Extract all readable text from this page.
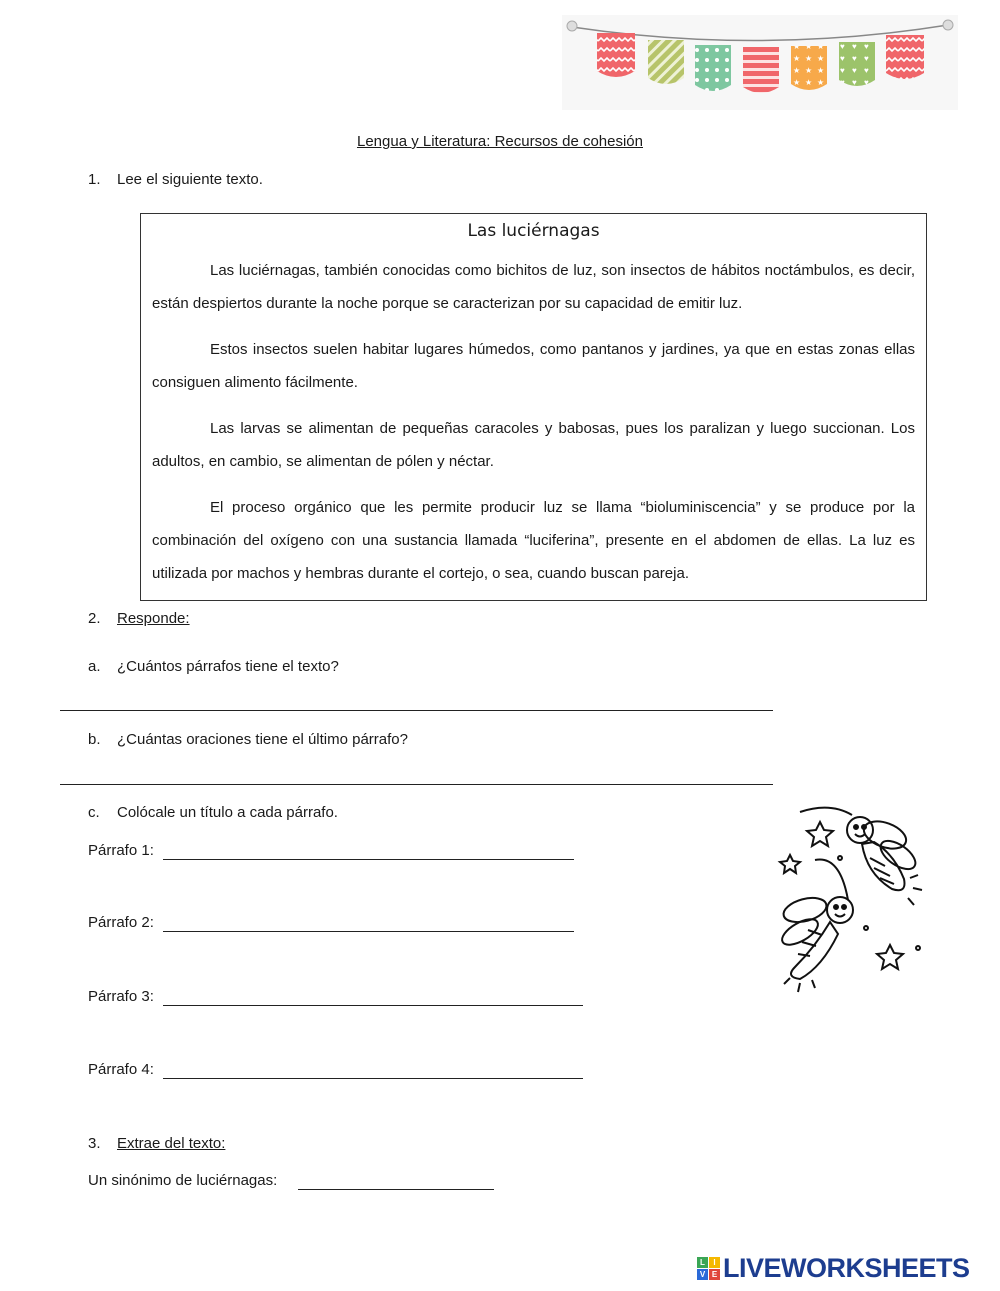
Lengua y Literatura: Recursos de cohesión
1. Lee el siguiente texto.
Las luciérnagas

Las luciérnagas, también conocidas como bichitos de luz, son insectos de hábitos noctámbulos, es decir, están despiertos durante la noche porque se caracterizan por su capacidad de emitir luz.

Estos insectos suelen habitar lugares húmedos, como pantanos y jardines, ya que en estas zonas ellas consiguen alimento fácilmente.

Las larvas se alimentan de pequeñas caracoles y babosas, pues los paralizan y luego succionan. Los adultos, en cambio, se alimentan de pólen y néctar.

El proceso orgánico que les permite producir luz se llama “bioluminiscencia” y se produce por la combinación del oxígeno con una sustancia llamada “luciferina”, presente en el abdomen de ellas. La luz es utilizada por machos y hembras durante el cortejo, o sea, cuando buscan pareja.

2. Responde:
a. ¿Cuántos párrafos tiene el texto?
b. ¿Cuántas oraciones tiene el último párrafo?
c. Colócale un título a cada párrafo.
Párrafo 1:
Párrafo 2:
Párrafo 3:
Párrafo 4:
3. Extrae del texto:
Un sinónimo de luciérnagas:
L	I
V E LIVEWORKSHEETS
